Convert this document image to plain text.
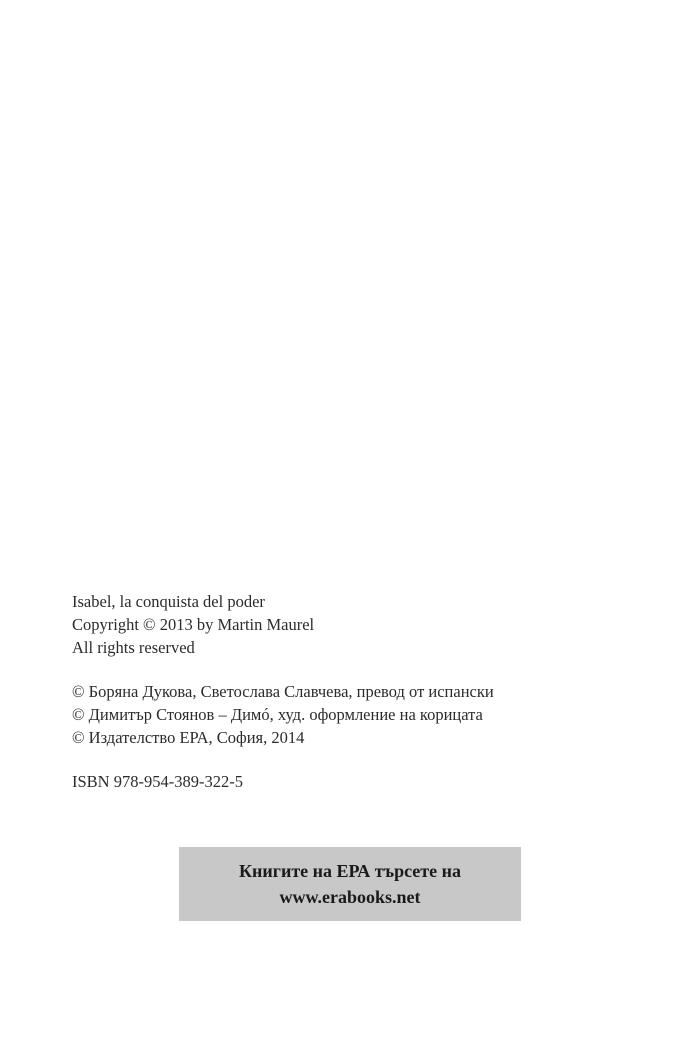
Isabel, la conquista del poder
Copyright © 2013 by Martin Maurel
All rights reserved
© Боряна Дукова, Светослава Славчева, превод от испански
© Димитър Стоянов – Димó, худ. оформление на корицата
© Издателство ЕРА, София, 2014
ISBN 978-954-389-322-5
Книгите на ЕРА търсете на
www.erabooks.net
